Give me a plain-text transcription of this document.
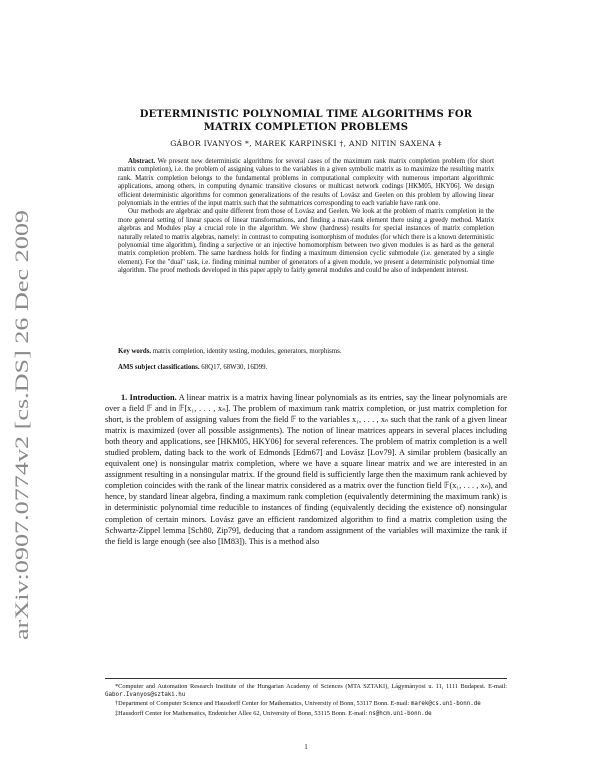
arXiv:0907.0774v2 [cs.DS] 26 Dec 2009
DETERMINISTIC POLYNOMIAL TIME ALGORITHMS FOR
MATRIX COMPLETION PROBLEMS
GÁBOR IVANYOS *, MAREK KARPINSKI †, AND NITIN SAXENA ‡

Abstract. We present new deterministic algorithms for several cases of the maximum rank matrix completion problem (for short matrix completion), i.e. the problem of assigning values to the variables in a given symbolic matrix as to maximize the resulting matrix rank. Matrix completion belongs to the fundamental problems in computational complexity with numerous important algorithmic applications, among others, in computing dynamic transitive closures or multicast network codings [HKM05, HKY06]. We design efficient deterministic algorithms for common generalizations of the results of Lovász and Geelen on this problem by allowing linear polynomials in the entries of the input matrix such that the submatrices corresponding to each variable have rank one.

Our methods are algebraic and quite different from those of Lovász and Geelen. We look at the problem of matrix completion in the more general setting of linear spaces of linear transformations, and finding a max-rank element there using a greedy method. Matrix algebras and Modules play a crucial role in the algorithm. We show (hardness) results for special instances of matrix completion naturally related to matrix algebras, namely: in contrast to computing isomorphism of modules (for which there is a known deterministic polynomial time algorithm), finding a surjective or an injective homomorphism between two given modules is as hard as the general matrix completion problem. The same hardness holds for finding a maximum dimension cyclic submodule (i.e. generated by a single element). For the "dual" task, i.e. finding minimal number of generators of a given module, we present a deterministic polynomial time algorithm. The proof methods developed in this paper apply to fairly general modules and could be also of independent interest.

Key words. matrix completion, identity testing, modules, generators, morphisms.
AMS subject classifications. 68Q17, 68W30, 16D99.

1. Introduction. A linear matrix is a matrix having linear polynomials as its entries, say the linear polynomials are over a field 𝔽 and in 𝔽[x₁, . . . , xₙ]. The problem of maximum rank matrix completion, or just matrix completion for short, is the problem of assigning values from the field 𝔽 to the variables x₁, . . . , xₙ such that the rank of a given linear matrix is maximized (over all possible assignments). The notion of linear matrices appears in several places including both theory and applications, see [HKM05, HKY06] for several references. The problem of matrix completion is a well studied problem, dating back to the work of Edmonds [Edm67] and Lovász [Lov79]. A similar problem (basically an equivalent one) is nonsingular matrix completion, where we have a square linear matrix and we are interested in an assignment resulting in a nonsingular matrix. If the ground field is sufficiently large then the maximum rank achieved by completion coincides with the rank of the linear matrix considered as a matrix over the function field 𝔽(x₁, . . . , xₙ), and hence, by standard linear algebra, finding a maximum rank completion (equivalently determining the maximum rank) is in deterministic polynomial time reducible to instances of finding (equivalently deciding the existence of) nonsingular completion of certain minors. Lovász gave an efficient randomized algorithm to find a matrix completion using the Schwartz-Zippel lemma [Sch80, Zip79], deducing that a random assignment of the variables will maximize the rank if the field is large enough (see also [IM83]). This is a method also

*Computer and Automation Research Institute of the Hungarian Academy of Sciences (MTA SZTAKI), Lágymányosi u. 11, 1111 Budapest. E-mail: Gabor.Ivanyos@sztaki.hu

†Department of Computer Science and Hausdorff Center for Mathematics, University of Bonn, 53117 Bonn. E-mail: marek@cs.uni-bonn.de

‡Hausdorff Center for Mathematics, Endenicher Allee 62, University of Bonn, 53115 Bonn. E-mail: ns@hcm.uni-bonn.de

1
